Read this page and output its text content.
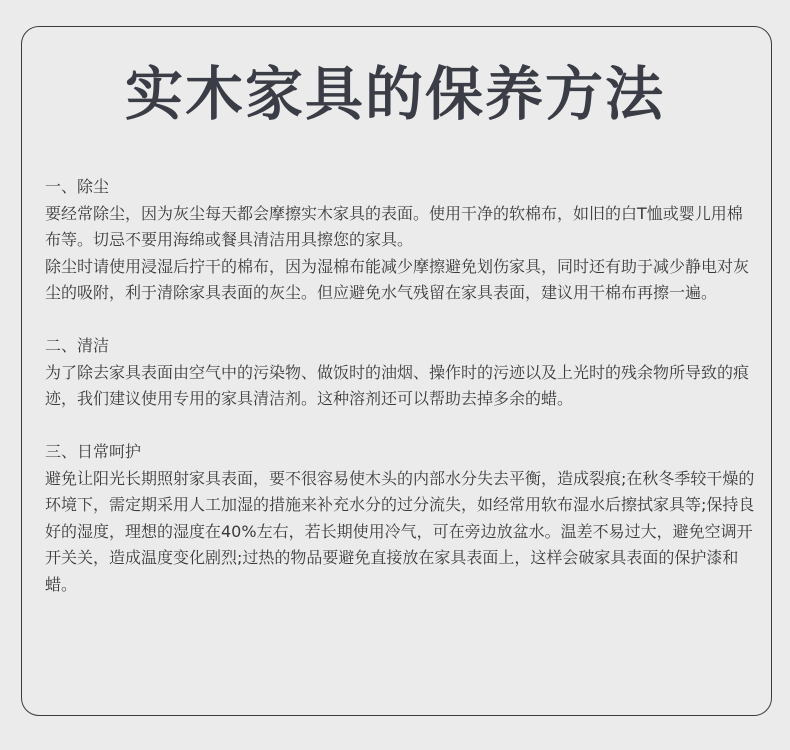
实木家具的保养方法
一、除尘

要经常除尘，因为灰尘每天都会摩擦实木家具的表面。使用干净的软棉布，如旧的白T恤或婴儿用棉布等。切忌不要用海绵或餐具清洁用具擦您的家具。

除尘时请使用浸湿后拧干的棉布，因为湿棉布能减少摩擦避免划伤家具，同时还有助于减少静电对灰尘的吸附，利于清除家具表面的灰尘。但应避免水气残留在家具表面，建议用干棉布再擦一遍。

二、清洁

为了除去家具表面由空气中的污染物、做饭时的油烟、操作时的污迹以及上光时的残余物所导致的痕迹，我们建议使用专用的家具清洁剂。这种溶剂还可以帮助去掉多余的蜡。

三、日常呵护

避免让阳光长期照射家具表面，要不很容易使木头的内部水分失去平衡，造成裂痕;在秋冬季较干燥的环境下，需定期采用人工加湿的措施来补充水分的过分流失，如经常用软布湿水后擦拭家具等;保持良好的湿度，理想的湿度在40%左右，若长期使用冷气，可在旁边放盆水。温差不易过大，避免空调开开关关，造成温度变化剧烈;过热的物品要避免直接放在家具表面上，这样会破家具表面的保护漆和蜡。
